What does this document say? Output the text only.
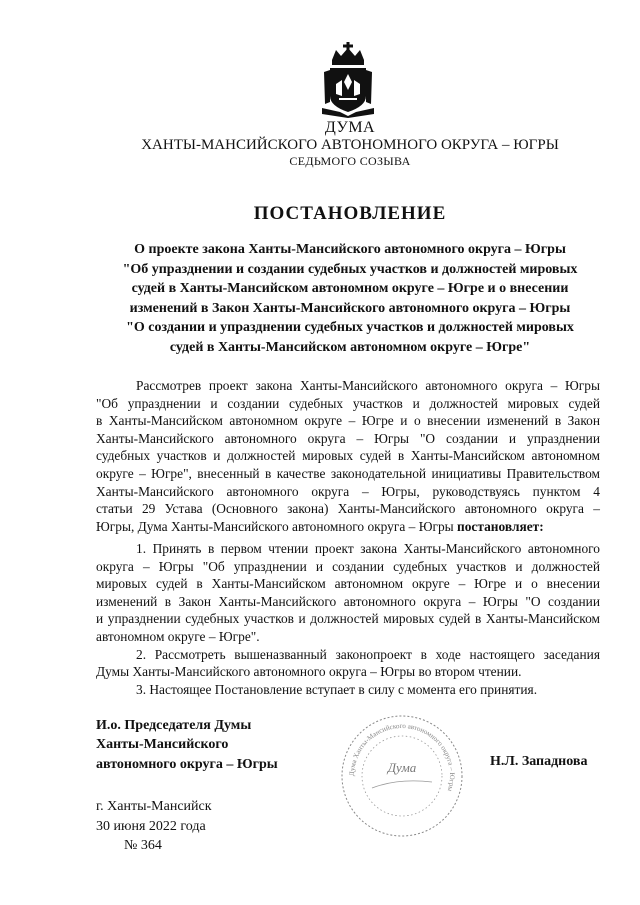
ДУМА
ХАНТЫ-МАНСИЙСКОГО АВТОНОМНОГО ОКРУГА – ЮГРЫ
СЕДЬМОГО СОЗЫВА
ПОСТАНОВЛЕНИЕ
О проекте закона Ханты-Мансийского автономного округа – Югры
"Об упразднении и создании судебных участков и должностей мировых
судей в Ханты-Мансийском автономном округе – Югре и о внесении
изменений в Закон Ханты-Мансийского автономного округа – Югры
"О создании и упразднении судебных участков и должностей мировых
судей в Ханты-Мансийском автономном округе – Югре"
Рассмотрев проект закона Ханты-Мансийского автономного округа – Югры
"Об упразднении и создании судебных участков и должностей мировых судей
в Ханты-Мансийском автономном округе – Югре и о внесении изменений в Закон
Ханты-Мансийского автономного округа – Югры "О создании и упразднении
судебных участков и должностей мировых судей в Ханты-Мансийском автономном
округе – Югре", внесенный в качестве законодательной инициативы Правительством
Ханты-Мансийского автономного округа – Югры, руководствуясь пунктом 4
статьи 29 Устава (Основного закона) Ханты-Мансийского автономного округа –
Югры, Дума Ханты-Мансийского автономного округа – Югры постановляет:
1. Принять в первом чтении проект закона Ханты-Мансийского автономного
округа – Югры "Об упразднении и создании судебных участков и должностей
мировых судей в Ханты-Мансийском автономном округе – Югре и о внесении
изменений в Закон Ханты-Мансийского автономного округа – Югры "О создании
и упразднении судебных участков и должностей мировых судей в Ханты-Мансийском
автономном округе – Югре".
2. Рассмотреть вышеназванный законопроект в ходе настоящего заседания
Думы Ханты-Мансийского автономного округа – Югры во втором чтении.
3. Настоящее Постановление вступает в силу с момента его принятия.
И.о. Председателя Думы
Ханты-Мансийского
автономного округа – Югры
Дума Ханты-Мансийского автономного округа – Югры
Дума	Н.Л. Западнова
г. Ханты-Мансийск
30 июня 2022 года
№ 364
